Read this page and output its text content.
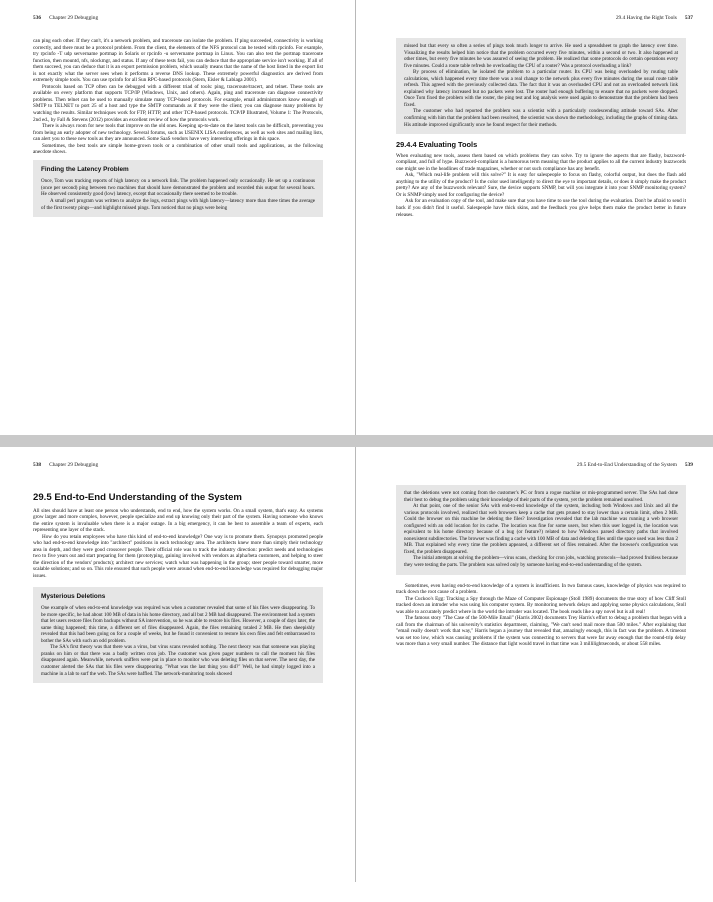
536 Chapter 29 Debugging

can ping each other. If they can't, it's a network problem, and traceroute can isolate the problem. If ping succeeded, connectivity is working correctly, and there must be a protocol problem. From the client, the elements of the NFS protocol can be tested with rpcinfo. For example, try rpcinfo -T udp servername portmap in Solaris or rpcinfo -u servername portmap in Linux. You can also test the portmap traceroute function, then mountd, nfs, nlockmgr, and status. If any of these tests fail, you can deduce that the appropriate service isn't working. If all of them succeed, you can deduce that it is an export permission problem, which usually means that the name of the host listed in the export list is not exactly what the server sees when it performs a reverse DNS lookup. These extremely powerful diagnostics are derived from extremely simple tools. You can use rpcinfo for all Sun RPC-based protocols (Stern, Eisler & Labiaga 2001).

Protocols based on TCP often can be debugged with a different triad of tools: ping, traceroute/tracert, and telnet. These tools are available on every platform that supports TCP/IP (Windows, Unix, and others). Again, ping and traceroute can diagnose connectivity problems. Then telnet can be used to manually simulate many TCP-based protocols. For example, email administrators know enough of SMTP to TELNET to port 25 of a host and type the SMTP commands as if they were the client; you can diagnose many problems by watching the results. Similar techniques work for FTP, HTTP, and other TCP-based protocols. TCP/IP Illustrated, Volume 1: The Protocols, 2nd ed., by Fall & Stevens (2012) provides an excellent review of how the protocols work.

There is always room for new tools that improve on the old ones. Keeping up-to-date on the latest tools can be difficult, preventing you from being an early adopter of new technology. Several forums, such as USENIX LISA conferences, as well as web sites and mailing lists, can alert you to these new tools as they are announced. Some SaaS vendors have very interesting offerings in this space.

Sometimes, the best tools are simple home-grown tools or a combination of other small tools and applications, as the following anecdote shows.

Finding the Latency Problem

Once, Tom was tracking reports of high latency on a network link. The problem happened only occasionally. He set up a continuous (once per second) ping between two machines that should have demonstrated the problem and recorded this output for several hours. He observed consistently good (low) latency, except that occasionally there seemed to be trouble.

A small perl program was written to analyze the logs, extract pings with high latency—latency more than three times the average of the first twenty pings—and highlight missed pings. Tom noticed that no pings were being

29.4 Having the Right Tools 537

missed but that every so often a series of pings took much longer to arrive. He used a spreadsheet to graph the latency over time. Visualizing the results helped him notice that the problem occurred every five minutes, within a second or two. It also happened at other times, but every five minutes he was assured of seeing the problem. He realized that some protocols do certain operations every five minutes. Could a route table refresh be overloading the CPU of a router? Was a protocol overloading a link?

By process of elimination, he isolated the problem to a particular router. Its CPU was being overloaded by routing table calculations, which happened every time there was a real change to the network plus every five minutes during the usual route table refresh. This agreed with the previously collected data. The fact that it was an overloaded CPU and not an overloaded network link explained why latency increased but no packets were lost. The router had enough buffering to ensure that no packets were dropped. Once Tom fixed the problem with the router, the ping test and log analysis were used again to demonstrate that the problem had been fixed.

The customer who had reported the problem was a scientist with a particularly condescending attitude toward SAs. After confirming with him that the problem had been resolved, the scientist was shown the methodology, including the graphs of timing data. His attitude improved significantly once he found respect for their methods.

29.4.4 Evaluating Tools

When evaluating new tools, assess them based on which problems they can solve. Try to ignore the aspects that are flashy, buzzword-compliant, and full of hype. Buzzword-compliant is a humorous term meaning that the product applies to all the current industry buzzwords one might see in the headlines of trade magazines, whether or not such compliance has any benefit.

Ask, "Which real-life problem will this solve?" It is easy for salespeople to focus on flashy, colorful output, but does the flash add anything to the utility of the product? Is the color used intelligently to direct the eye to important details, or does it simply make the product pretty? Are any of the buzzwords relevant? Sure, the device supports SNMP, but will you integrate it into your SNMP monitoring system? Or is SNMP simply used for configuring the device?

Ask for an evaluation copy of the tool, and make sure that you have time to use the tool during the evaluation. Don't be afraid to send it back if you didn't find it useful. Salespeople have thick skins, and the feedback you give helps them make the product better in future releases.

538 Chapter 29 Debugging
29.5 End-to-End Understanding of the System

All sites should have at least one person who understands, end to end, how the system works. On a small system, that's easy. As systems grow larger and more complex, however, people specialize and end up knowing only their part of the system. Having someone who knows the entire system is invaluable when there is a major outage. In a big emergency, it can be best to assemble a team of experts, each representing one layer of the stack.

How do you retain employees who have this kind of end-to-end knowledge? One way is to promote them. Synopsys promoted people who had end-to-end knowledge into "architect" positions in each technology area. The architects knew more than simply their technology area in depth, and they were good crossover people. Their official role was to track the industry direction: predict needs and technologies two to five years out and start preparing for them (prototyping, gaining involved with vendors as alpha/beta customers, and helping to steer the direction of the vendors' products); architect new services; watch what was happening in the group; steer people toward smarter, more scalable solutions; and so on. This role ensured that such people were around when end-to-end knowledge was required for debugging major issues.

Mysterious Deletions

One example of when end-to-end knowledge was required was when a customer revealed that some of his files were disappearing. To be more specific, he had about 100 MB of data in his home directory, and all but 2 MB had disappeared. The environment had a system that let users restore files from backups without SA intervention, so he was able to restore his files. However, a couple of days later, the same thing happened; this time, a different set of files disappeared. Again, the files remaining totaled 2 MB. He then sheepishly revealed that this had been going on for a couple of weeks, but he found it convenient to restore his own files and felt embarrassed to bother the SAs with such an odd problem.

The SA's first theory was that there was a virus, but virus scans revealed nothing. The next theory was that someone was playing pranks on him or that there was a badly written cron job. The customer was given pager numbers to call the moment his files disappeared again. Meanwhile, network sniffers were put in place to monitor who was deleting files on that server. The next day, the customer alerted the SAs that his files were disappearing. "What was the last thing you did?" Well, he had simply logged into a machine in a lab to surf the web. The SAs were baffled. The network-monitoring tools showed

29.5 End-to-End Understanding of the System 539

that the deletions were not coming from the customer's PC or from a rogue machine or mis-programmed server. The SAs had done their best to debug the problem using their knowledge of their parts of the system, yet the problem remained unsolved.

At that point, one of the senior SAs with end-to-end knowledge of the system, including both Windows and Unix and all the various protocols involved, realized that web browsers keep a cache that gets pruned to stay lower than a certain limit, often 2 MB. Could the browser on this machine be deleting the files? Investigation revealed that the lab machine was running a web browser configured with an odd location for its cache. The location was fine for some users, but when this user logged in, the location was equivalent to his home directory because of a bug (or feature?) related to how Windows parsed directory paths that involved nonexistent subdirectories. The browser was finding a cache with 100 MB of data and deleting files until the space used was less than 2 MB. That explained why every time the problem appeared, a different set of files remained. After the browser's configuration was fixed, the problem disappeared.

The initial attempts at solving the problem—virus scans, checking for cron jobs, watching protocols—had proved fruitless because they were testing the parts. The problem was solved only by someone having end-to-end understanding of the system.

Sometimes, even having end-to-end knowledge of a system is insufficient. In two famous cases, knowledge of physics was required to track down the root cause of a problem.

The Cuckoo's Egg: Tracking a Spy through the Maze of Computer Espionage (Stoll 1989) documents the true story of how Cliff Stoll tracked down an intruder who was using his computer system. By monitoring network delays and applying some physics calculations, Stoll was able to accurately predict where in the world the intruder was located. The book reads like a spy novel but is all real!

The famous story "The Case of the 500-Mile Email" (Harris 2002) documents Trey Harris's effort to debug a problem that began with a call from the chairman of his university's statistics department, claiming, "We can't send mail more than 500 miles." After explaining that "email really doesn't work that way," Harris began a journey that revealed that, amazingly enough, this in fact was the problem. A timeout was set too low, which was causing problems if the system was connecting to servers that were far away enough that the round-trip delay was more than a very small number. The distance that light would travel in that time was 3 millilightseconds, or about 558 miles.
